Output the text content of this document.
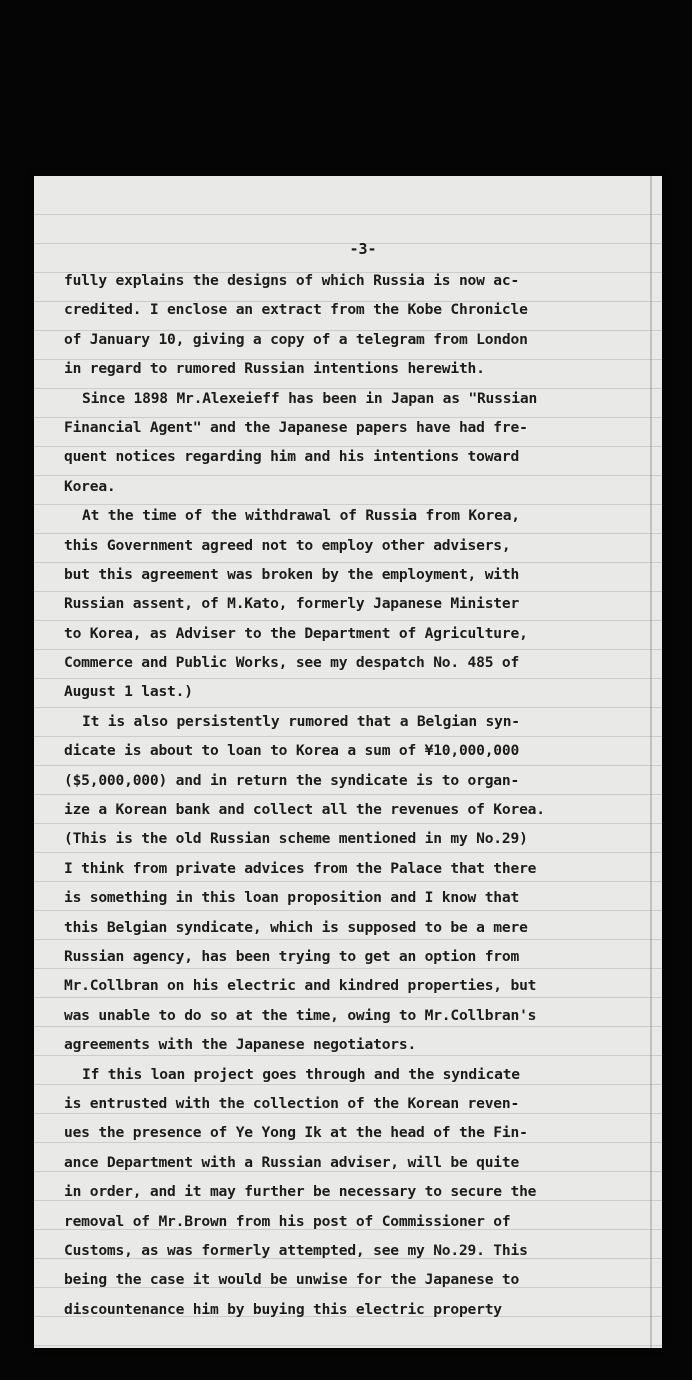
-3-
fully explains the designs of which Russia is now ac-
credited. I enclose an extract from the Kobe Chronicle
of January 10, giving a copy of a telegram from London
in regard to rumored Russian intentions herewith.
Since 1898 Mr.Alexeieff has been in Japan as "Russian
Financial Agent" and the Japanese papers have had fre-
quent notices regarding him and his intentions toward
Korea.
At the time of the withdrawal of Russia from Korea,
this Government agreed not to employ other advisers,
but this agreement was broken by the employment, with
Russian assent, of M.Kato, formerly Japanese Minister
to Korea, as Adviser to the Department of Agriculture,
Commerce and Public Works, see my despatch No. 485 of
August 1 last.)
It is also persistently rumored that a Belgian syn-
dicate is about to loan to Korea a sum of ¥10,000,000
($5,000,000) and in return the syndicate is to organ-
ize a Korean bank and collect all the revenues of Korea.
(This is the old Russian scheme mentioned in my No.29)
I think from private advices from the Palace that there
is something in this loan proposition and I know that
this Belgian syndicate, which is supposed to be a mere
Russian agency, has been trying to get an option from
Mr.Collbran on his electric and kindred properties, but
was unable to do so at the time, owing to Mr.Collbran's
agreements with the Japanese negotiators.
If this loan project goes through and the syndicate
is entrusted with the collection of the Korean reven-
ues the presence of Ye Yong Ik at the head of the Fin-
ance Department with a Russian adviser, will be quite
in order, and it may further be necessary to secure the
removal of Mr.Brown from his post of Commissioner of
Customs, as was formerly attempted, see my No.29. This
being the case it would be unwise for the Japanese to
discountenance him by buying this electric property
